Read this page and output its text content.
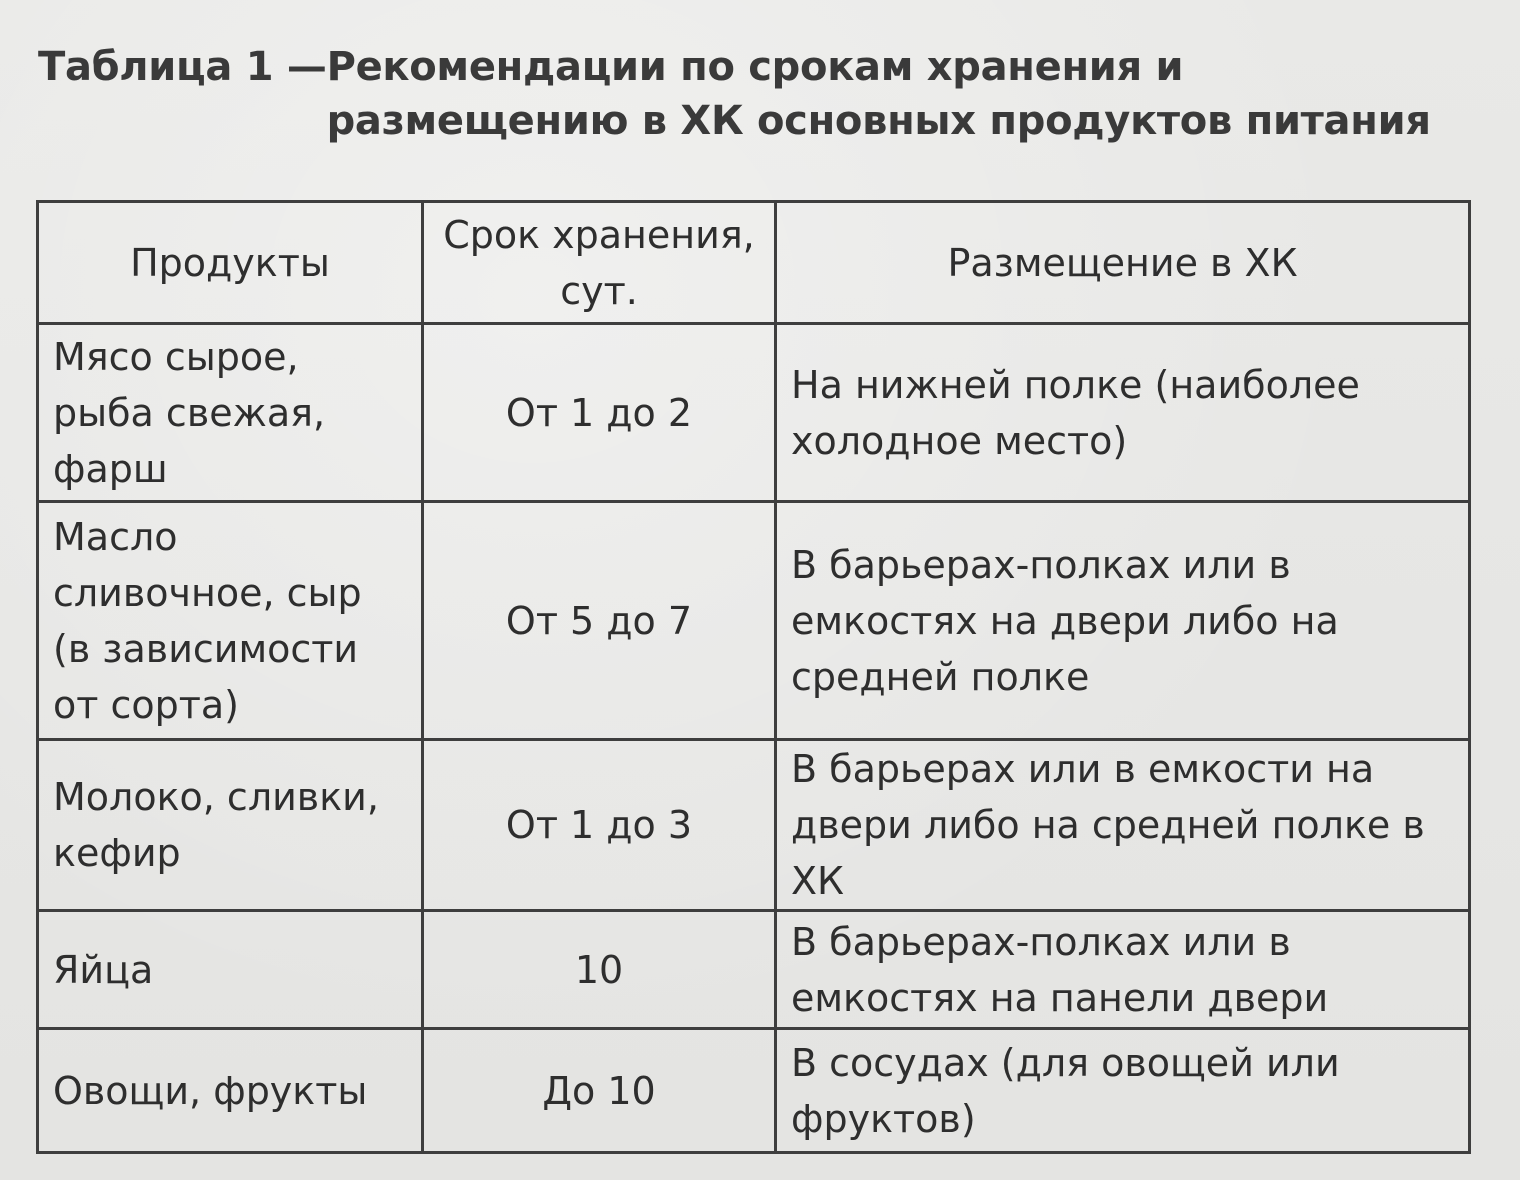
Таблица 1 —Рекомендации по срокам хранения и размещению в ХК основных продуктов питания
Продукты	Срок хранения, сут.	Размещение в ХК
Мясо сырое, рыба свежая, фарш	От 1 до 2	На нижней полке (наиболее холодное место)
Масло сливочное, сыр (в зависимости от сорта)	От 5 до 7	В барьерах-полках или в емкостях на двери либо на средней полке
Молоко, сливки, кефир	От 1 до 3	В барьерах или в емкости на двери либо на средней полке в ХК
Яйца	10	В барьерах-полках или в емкостях на панели двери
Овощи, фрукты	До 10	В сосудах (для овощей или фруктов)
